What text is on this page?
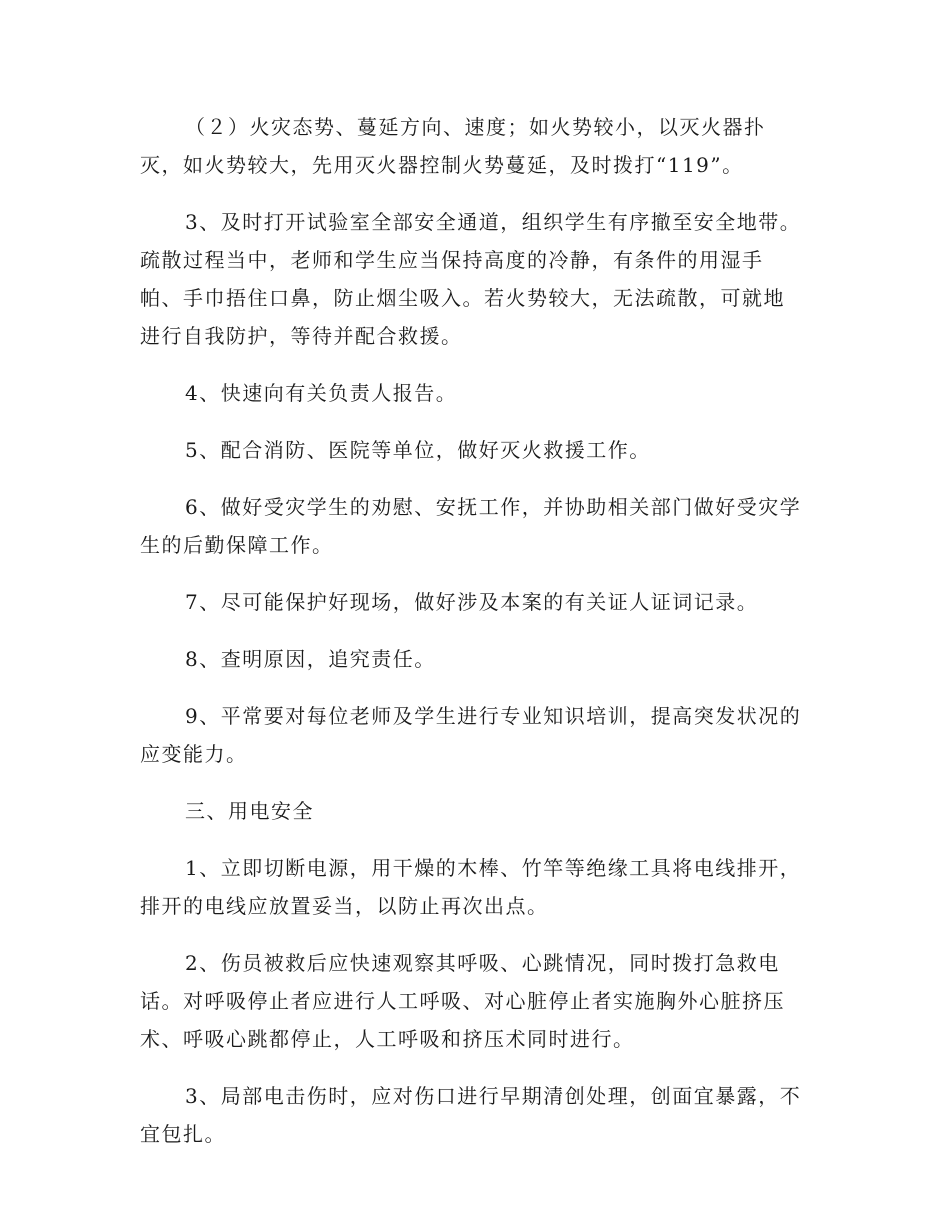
（２）火灾态势、蔓延方向、速度；如火势较小，以灭火器扑
灭，如火势较大，先用灭火器控制火势蔓延，及时拨打“119”。

3、及时打开试验室全部安全通道，组织学生有序撤至安全地带。
疏散过程当中，老师和学生应当保持高度的冷静，有条件的用湿手
帕、手巾捂住口鼻，防止烟尘吸入。若火势较大，无法疏散，可就地
进行自我防护，等待并配合救援。

4、快速向有关负责人报告。

5、配合消防、医院等单位，做好灭火救援工作。

6、做好受灾学生的劝慰、安抚工作，并协助相关部门做好受灾学
生的后勤保障工作。

7、尽可能保护好现场，做好涉及本案的有关证人证词记录。

8、查明原因，追究责任。

9、平常要对每位老师及学生进行专业知识培训，提高突发状况的
应变能力。

三、用电安全

1、立即切断电源，用干燥的木棒、竹竿等绝缘工具将电线排开，
排开的电线应放置妥当，以防止再次出点。

2、伤员被救后应快速观察其呼吸、心跳情况，同时拨打急救电
话。对呼吸停止者应进行人工呼吸、对心脏停止者实施胸外心脏挤压
术、呼吸心跳都停止，人工呼吸和挤压术同时进行。

3、局部电击伤时，应对伤口进行早期清创处理，创面宜暴露，不
宜包扎。
